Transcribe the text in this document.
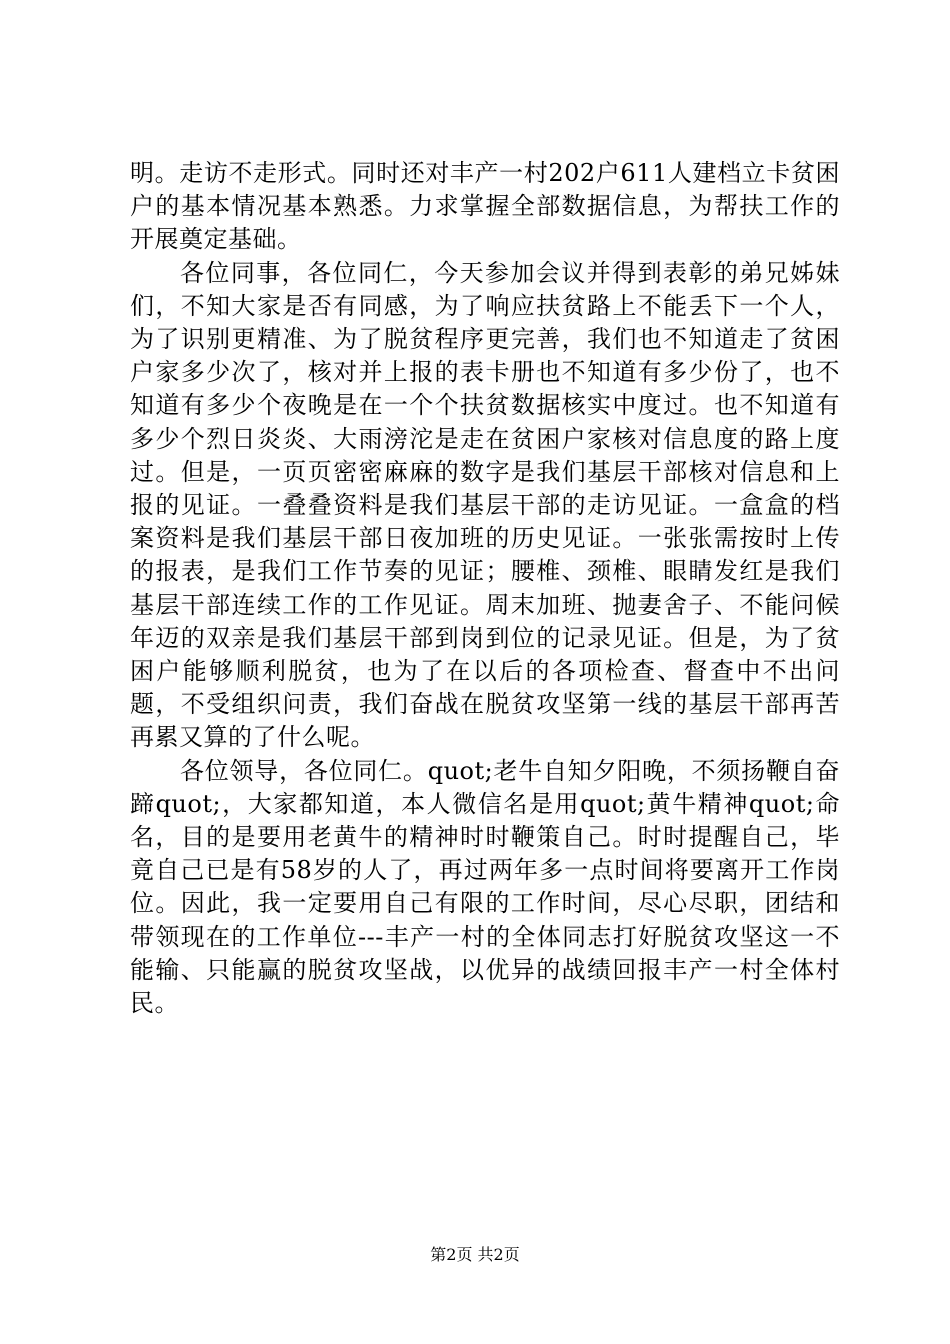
明。走访不走形式。同时还对丰产一村202户611人建档立卡贫困户的基本情况基本熟悉。力求掌握全部数据信息，为帮扶工作的开展奠定基础。

各位同事，各位同仁，今天参加会议并得到表彰的弟兄姊妹们，不知大家是否有同感，为了响应扶贫路上不能丢下一个人，为了识别更精准、为了脱贫程序更完善，我们也不知道走了贫困户家多少次了，核对并上报的表卡册也不知道有多少份了，也不知道有多少个夜晚是在一个个扶贫数据核实中度过。也不知道有多少个烈日炎炎、大雨滂沱是走在贫困户家核对信息度的路上度过。但是，一页页密密麻麻的数字是我们基层干部核对信息和上报的见证。一叠叠资料是我们基层干部的走访见证。一盒盒的档案资料是我们基层干部日夜加班的历史见证。一张张需按时上传的报表，是我们工作节奏的见证；腰椎、颈椎、眼睛发红是我们基层干部连续工作的工作见证。周末加班、抛妻舍子、不能问候年迈的双亲是我们基层干部到岗到位的记录见证。但是，为了贫困户能够顺利脱贫，也为了在以后的各项检查、督查中不出问题，不受组织问责，我们奋战在脱贫攻坚第一线的基层干部再苦再累又算的了什么呢。

各位领导，各位同仁。quot;老牛自知夕阳晚，不须扬鞭自奋蹄quot;，大家都知道，本人微信名是用quot;黄牛精神quot;命名，目的是要用老黄牛的精神时时鞭策自己。时时提醒自己，毕竟自己已是有58岁的人了，再过两年多一点时间将要离开工作岗位。因此，我一定要用自己有限的工作时间，尽心尽职，团结和带领现在的工作单位---丰产一村的全体同志打好脱贫攻坚这一不能输、只能赢的脱贫攻坚战，以优异的战绩回报丰产一村全体村民。

第2页 共2页
